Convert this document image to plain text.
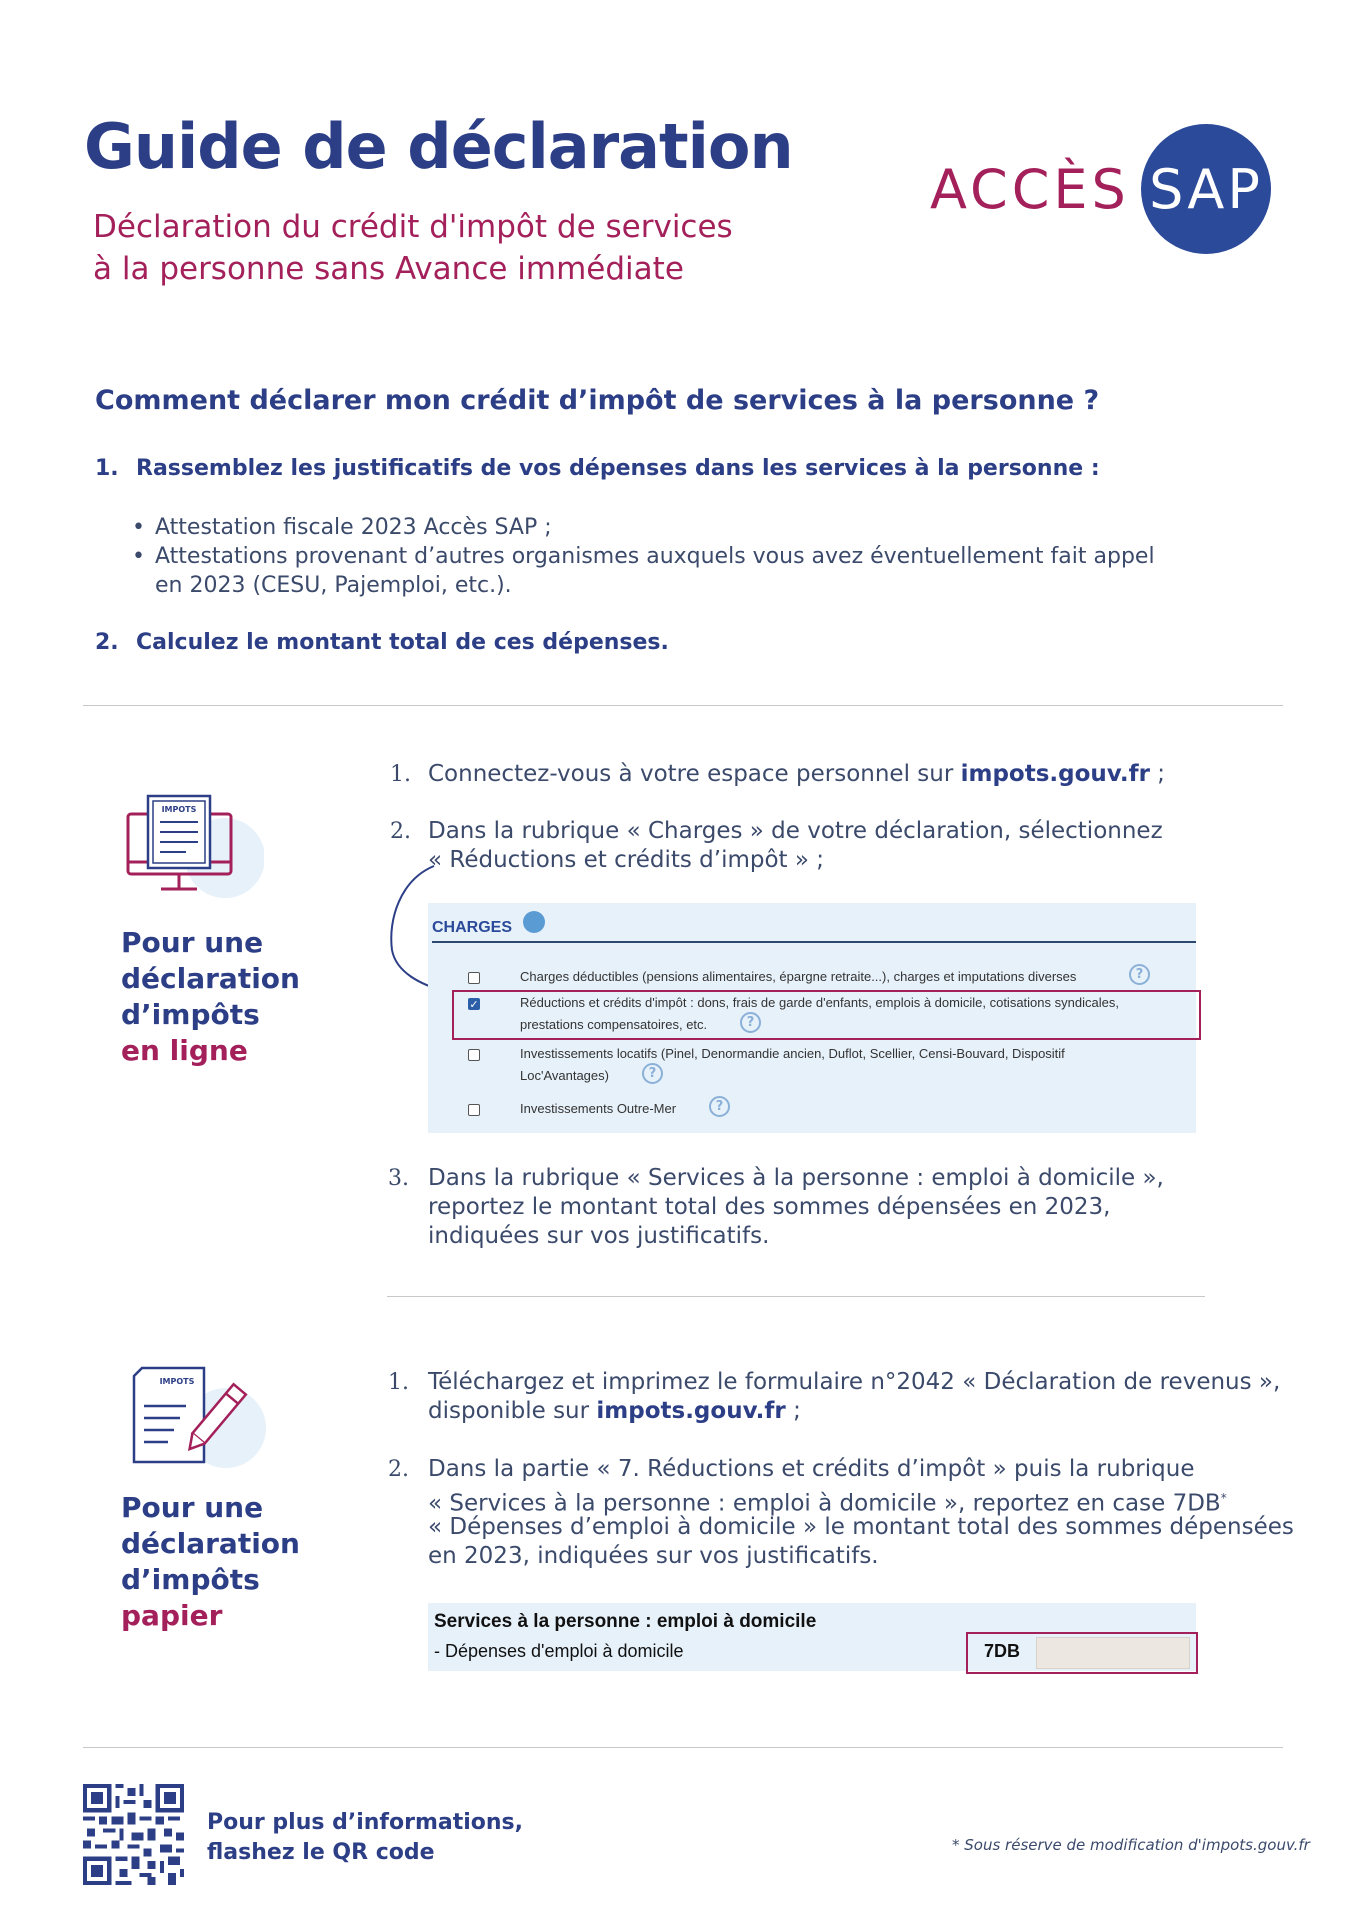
Guide de déclaration
Déclaration du crédit d'impôt de services
à la personne sans Avance immédiate
ACCÈS SAP
Comment déclarer mon crédit d’impôt de services à la personne ?
1. Rassemblez les justificatifs de vos dépenses dans les services à la personne :
• Attestation fiscale 2023 Accès SAP ;
• Attestations provenant d’autres organismes auxquels vous avez éventuellement fait appel
en 2023 (CESU, Pajemploi, etc.).
2. Calculez le montant total de ces dépenses.
IMPOTS
Pour une
déclaration
d’impôts
en ligne
1. Connectez-vous à votre espace personnel sur impots.gouv.fr ;
2. Dans la rubrique « Charges » de votre déclaration, sélectionnez
« Réductions et crédits d’impôt » ;
CHARGES
Charges déductibles (pensions alimentaires, épargne retraite...), charges et imputations diverses	?
✓
Réductions et crédits d'impôt : dons, frais de garde d'enfants, emplois à domicile, cotisations syndicales,
prestations compensatoires, etc.	?
Investissements locatifs (Pinel, Denormandie ancien, Duflot, Scellier, Censi-Bouvard, Dispositif
Loc'Avantages)	?
Investissements Outre-Mer	?
3. Dans la rubrique « Services à la personne : emploi à domicile »,
reportez le montant total des sommes dépensées en 2023,
indiquées sur vos justificatifs.
IMPOTS
Pour une
déclaration
d’impôts
papier
1. Téléchargez et imprimez le formulaire n°2042 « Déclaration de revenus »,
disponible sur impots.gouv.fr ;
2. Dans la partie « 7. Réductions et crédits d’impôt » puis la rubrique
« Services à la personne : emploi à domicile », reportez en case 7DB*
« Dépenses d’emploi à domicile » le montant total des sommes dépensées
en 2023, indiquées sur vos justificatifs.
Services à la personne : emploi à domicile
- Dépenses d'emploi à domicile	7DB
Pour plus d’informations,
flashez le QR code	* Sous réserve de modification d'impots.gouv.fr
